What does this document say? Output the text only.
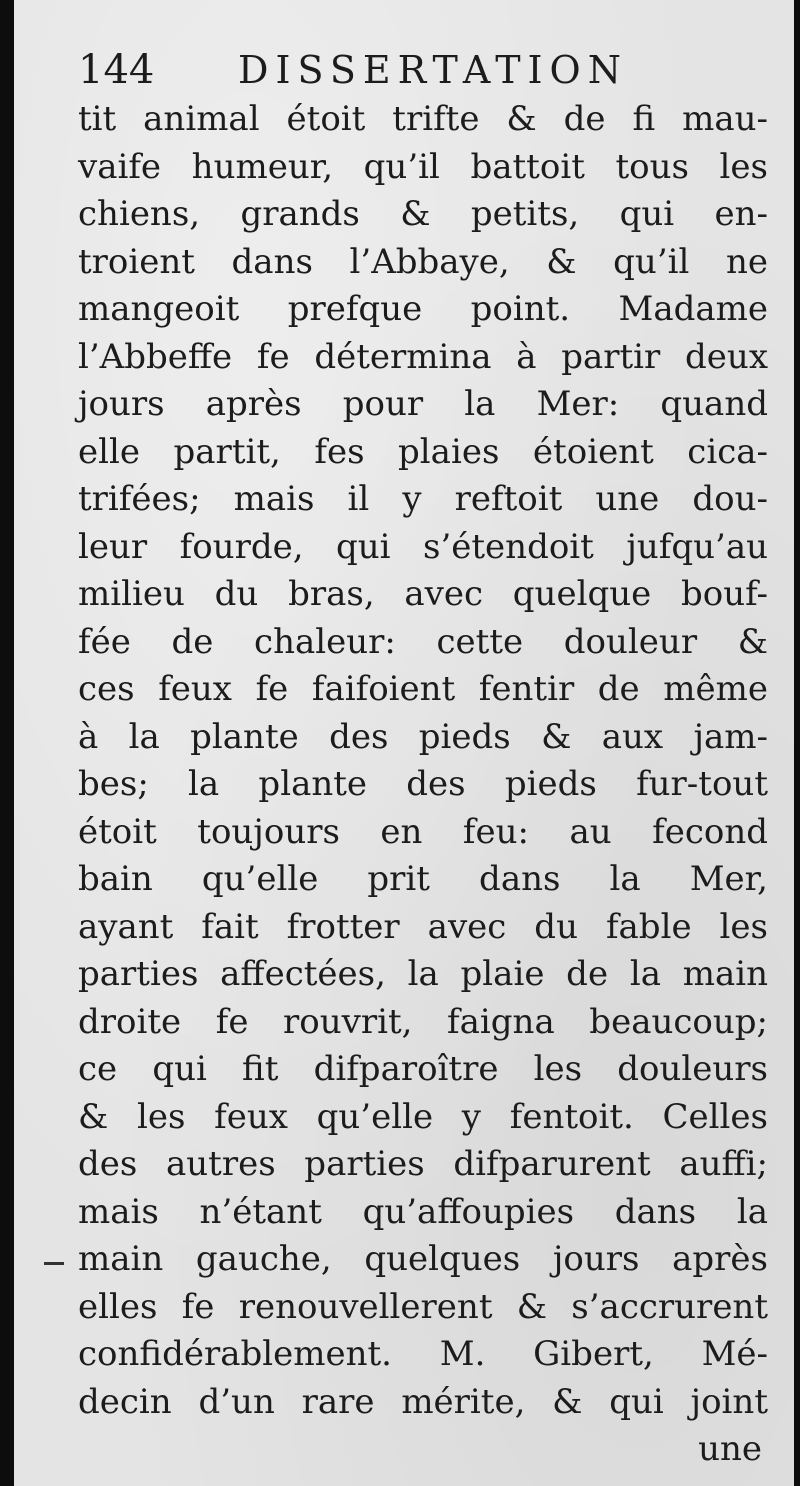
144 DISSERTATION
tit animal étoit trifte & de fi mau-
vaife humeur, qu’il battoit tous les
chiens, grands & petits, qui en-
troient dans l’Abbaye, & qu’il ne
mangeoit prefque point. Madame
l’Abbeffe fe détermina à partir deux
jours après pour la Mer: quand
elle partit, fes plaies étoient cica-
trifées; mais il y reftoit une dou-
leur fourde, qui s’étendoit jufqu’au
milieu du bras, avec quelque bouf-
fée de chaleur: cette douleur &
ces feux fe faifoient fentir de même
à la plante des pieds & aux jam-
bes; la plante des pieds fur-tout
étoit toujours en feu: au fecond
bain qu’elle prit dans la Mer,
ayant fait frotter avec du fable les
parties affectées, la plaie de la main
droite fe rouvrit, faigna beaucoup;
ce qui fit difparoître les douleurs
& les feux qu’elle y fentoit. Celles
des autres parties difparurent auffi;
mais n’étant qu’affoupies dans la
main gauche, quelques jours après
elles fe renouvellerent & s’accrurent
confidérablement. M. Gibert, Mé-
decin d’un rare mérite, & qui joint
une
